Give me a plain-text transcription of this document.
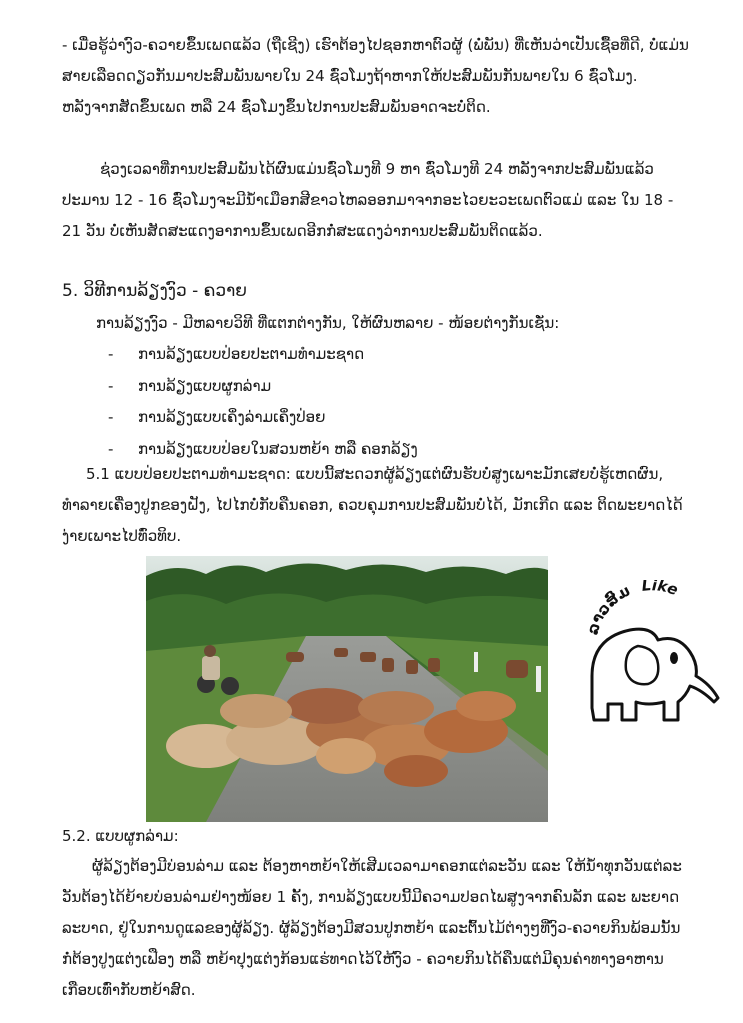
- ເມື່ອຮູ້ວ່າງົວ-ຄວາຍຂຶ້ນເພດແລ້ວ (ຖືເຊີງ) ເຮົາຕ້ອງໄປຊອກຫາຕົວຜູ້ (ພໍ່ພັນ) ທີ່ເຫັນວ່າເປັນເຊື້ອທີ່ດີ, ບໍ່ແມ່ນສາຍເລືອດດຽວກັນມາປະສົມພັນພາຍໃນ 24 ຊົ່ວໂມງຖ້າຫາກໃຫ້ປະສົມພັນກັນພາຍໃນ 6 ຊົ່ວໂມງ. ຫລັງຈາກສັດຂຶ້ນເພດ ຫລື 24 ຊົ່ວໂມງຂຶ້ນໄປການປະສົມພັນອາດຈະບໍ່ຕິດ.

ຊ່ວງເວລາທີ່ການປະສົມພັນໄດ້ຜົນແມ່ນຊົ່ວໂມງທີ 9 ຫາ ຊົ່ວໂມງທີ 24 ຫລັງຈາກປະສົມພັນແລ້ວປະມານ 12 - 16 ຊົ່ວໂມງຈະມີນ້ຳເມືອກສີຂາວໄຫລອອກມາຈາກອະໄວຍະວະເພດຕົວແມ່ ແລະ ໃນ 18 - 21 ວັນ ບໍ່ເຫັນສັດສະແດງອາການຂຶ້ນເພດອີກກໍ່ສະແດງວ່າການປະສົມພັນຕິດແລ້ວ.

5. ວິທີການລ້ຽງງົວ - ຄວາຍ

ການລ້ຽງງົວ - ມີຫລາຍວິທີ ທີ່ແຕກຕ່າງກັນ, ໃຫ້ຜົນຫລາຍ - ໜ້ອຍຕ່າງກັນເຊັ່ນ:

- ການລ້ຽງແບບປ່ອຍປະຕາມທຳມະຊາດ
- ການລ້ຽງແບບຜູກລ່າມ
- ການລ້ຽງແບບເຄິ່ງລ່າມເຄິ່ງປ່ອຍ
- ການລ້ຽງແບບປ່ອຍໃນສວນຫຍ້າ ຫລື ຄອກລ້ຽງ

5.1 ແບບປ່ອຍປະຕາມທຳມະຊາດ: ແບບນີ້ສະດວກຜູ້ລ້ຽງແຕ່ຜົນຮັບບໍ່ສູງເພາະມັກເສຍບໍ່ຮູ້ເຫດຜົນ, ທຳລາຍເຄື່ອງປູກຂອງຝັງ, ໄປໄກບໍ່ກັບຄືນຄອກ, ຄວບຄຸມການປະສົມພັນບໍ່ໄດ້, ມັກເກີດ ແລະ ຕິດພະຍາດໄດ້ງ່າຍເພາະໄປທົ່ວທິບ.

ລາວສົມ Like

5.2. ແບບຜູກລ່າມ:

ຜູ້ລ້ຽງຕ້ອງມີບ່ອນລ່າມ ແລະ ຕ້ອງຫາຫຍ້າໃຫ້ເສີມເວລາມາຄອກແຕ່ລະວັນ ແລະ ໃຫ້ນ້ຳທຸກວັນແຕ່ລະວັນຕ້ອງໄດ້ຍ້າຍບ່ອນລ່າມຢ່າງໜ້ອຍ 1 ຄັ້ງ, ການລ້ຽງແບບນີ້ມີຄວາມປອດໄພສູງຈາກຄົນລັກ ແລະ ພະຍາດລະບາດ, ຢູ່ໃນການດູແລຂອງຜູ້ລ້ຽງ. ຜູ້ລ້ຽງຕ້ອງມີສວນປູກຫຍ້າ ແລະຕົ້ນໄມ້ຕ່າງໆທີ່ງົວ-ຄວາຍກິນພ້ອມນັ້ນກໍ່ຕ້ອງປູງແຕ່ງເຟືອງ ຫລື ຫຍ້າປຸງແຕ່ງກ້ອນແຮ່ທາດໄວ້ໃຫ້ງົວ - ຄວາຍກິນໄດ້ຄືນແຕ່ມີຄຸນຄ່າທາງອາຫານເກືອບເທົ່າກັບຫຍ້າສົດ.
